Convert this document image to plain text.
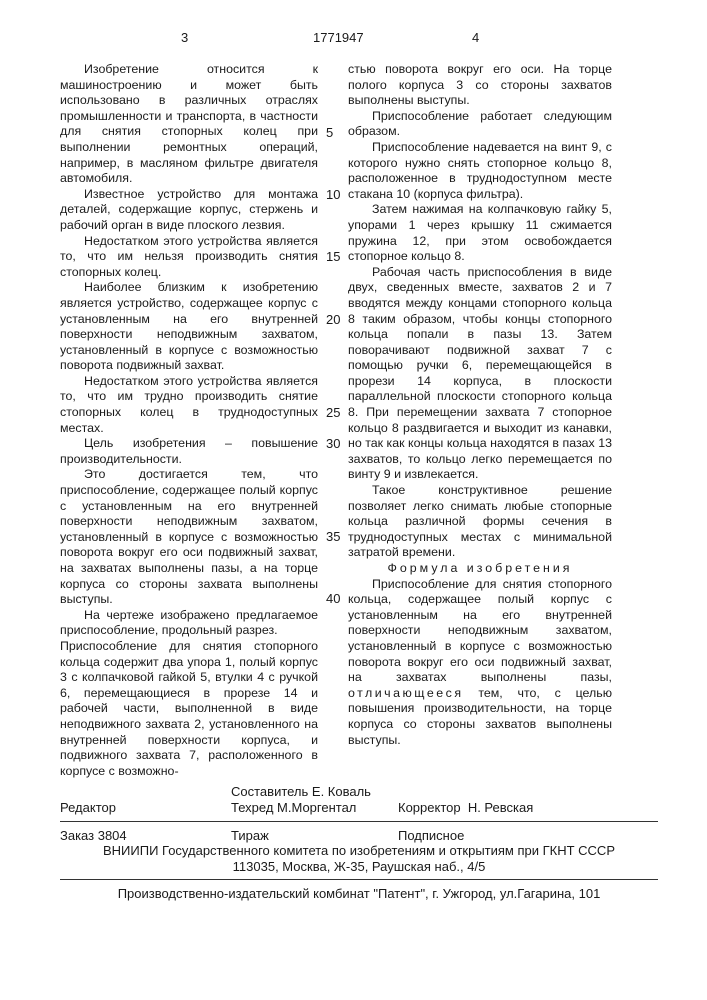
3	1771947	4

Изобретение относится к машиностроению и может быть использовано в различных отраслях промышленности и транспорта, в частности для снятия стопорных колец при выполнении ремонтных операций, например, в масляном фильтре двигателя автомобиля.

Известное устройство для монтажа деталей, содержащие корпус, стержень и рабочий орган в виде плоского лезвия.

Недостатком этого устройства является то, что им нельзя производить снятия стопорных колец.

Наиболее близким к изобретению является устройство, содержащее корпус с установленным на его внутренней поверхности неподвижным захватом, установленный в корпусе с возможностью поворота подвижный захват.

Недостатком этого устройства является то, что им трудно производить снятие стопорных колец в труднодоступных местах.

Цель изобретения – повышение производительности.

Это достигается тем, что приспособление, содержащее полый корпус с установленным на его внутренней поверхности неподвижным захватом, установленный в корпусе с возможностью поворота вокруг его оси подвижный захват, на захватах выполнены пазы, а на торце корпуса со стороны захвата выполнены выступы.

На чертеже изображено предлагаемое приспособление, продольный разрез.

Приспособление для снятия стопорного кольца содержит два упора 1, полый корпус 3 с колпачковой гайкой 5, втулки 4 с ручкой 6, перемещающиеся в прорезе 14 и рабочей части, выполненной в виде неподвижного захвата 2, установленного на внутренней поверхности корпуса, и подвижного захвата 7, расположенного в корпусе с возможно-

стью поворота вокруг его оси. На торце полого корпуса 3 со стороны захватов выполнены выступы.

Приспособление работает следующим образом.

Приспособление надевается на винт 9, с которого нужно снять стопорное кольцо 8, расположенное в труднодоступном месте стакана 10 (корпуса фильтра).

Затем нажимая на колпачковую гайку 5, упорами 1 через крышку 11 сжимается пружина 12, при этом освобождается стопорное кольцо 8.

Рабочая часть приспособления в виде двух, сведенных вместе, захватов 2 и 7 вводятся между концами стопорного кольца 8 таким образом, чтобы концы стопорного кольца попали в пазы 13. Затем поворачивают подвижной захват 7 с помощью ручки 6, перемещающейся в прорези 14 корпуса, в плоскости параллельной плоскости стопорного кольца 8. При перемещении захвата 7 стопорное кольцо 8 раздвигается и выходит из канавки, но так как концы кольца находятся в пазах 13 захватов, то кольцо легко перемещается по винту 9 и извлекается.

Такое конструктивное решение позволяет легко снимать любые стопорные кольца различной формы сечения в труднодоступных местах с минимальной затратой времени.

Формула изобретения

Приспособление для снятия стопорного кольца, содержащее полый корпус с установленным на его внутренней поверхности неподвижным захватом, установленный в корпусе с возможностью поворота вокруг его оси подвижный захват, на захватах выполнены пазы, отличающееся тем, что, с целью повышения производительности, на торце корпуса со стороны захватов выполнены выступы.

5
10
15
20
25
30
35
40
Составитель Е. Коваль
Редактор	Техред М.Моргентал	Корректор  Н. Ревская
Заказ 3804	Тираж	Подписное
ВНИИПИ Государственного комитета по изобретениям и открытиям при ГКНТ СССР
113035, Москва, Ж-35, Раушская наб., 4/5
Производственно-издательский комбинат "Патент", г. Ужгород, ул.Гагарина, 101
